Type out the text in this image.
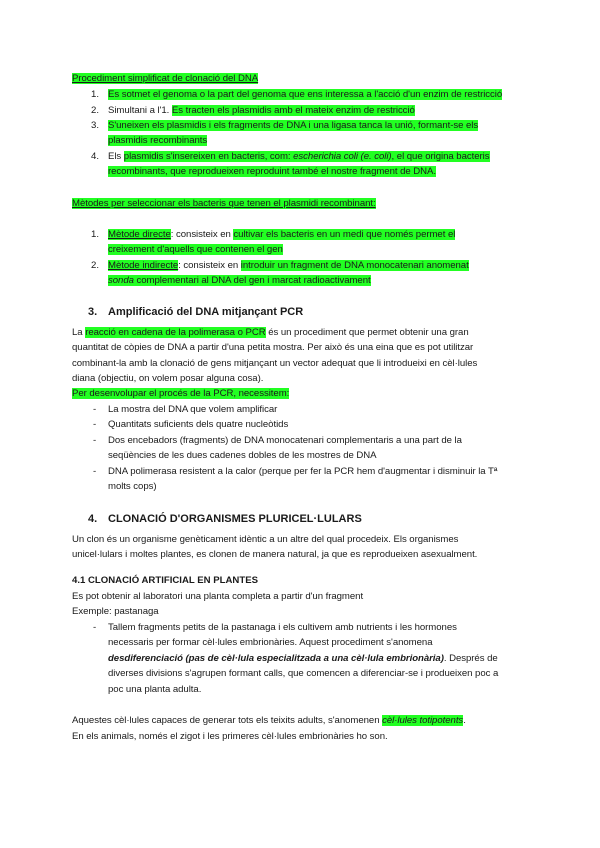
Procediment simplificat de clonació del DNA
1. Es sotmet el genoma o la part del genoma que ens interessa a l'acció d'un enzim de restricció
2. Simultani a l'1. Es tracten els plasmidis amb el mateix enzim de restricció
3. S'uneixen els plasmidis i els fragments de DNA i una ligasa tanca la unió, formant-se els
plasmidis recombinants
4. Els plasmidis s'insereixen en bacteris, com: escherichia coli (e. coli), el que origina bacteris
recombinants, que reprodueixen reproduint també el nostre fragment de DNA.
Mètodes per seleccionar els bacteris que tenen el plasmidi recombinant:
1. Mètode directe: consisteix en cultivar els bacteris en un medi que només permet el
creixement d'aquells que contenen el gen
2. Mètode indirecte: consisteix en introduir un fragment de DNA monocatenari anomenat
sonda complementari al DNA del gen i marcat radioactivament
3. Amplificació del DNA mitjançant PCR
La reacció en cadena de la polimerasa o PCR és un procediment que permet obtenir una gran
quantitat de còpies de DNA a partir d'una petita mostra. Per això és una eina que es pot utilitzar
combinant-la amb la clonació de gens mitjançant un vector adequat que li introdueixi en cèl·lules
diana (objectiu, on volem posar alguna cosa).
Per desenvolupar el procés de la PCR, necessitem:
- La mostra del DNA que volem amplificar
- Quantitats suficients dels quatre nucleòtids
- Dos encebadors (fragments) de DNA monocatenari complementaris a una part de la
seqüències de les dues cadenes dobles de les mostres de DNA
- DNA polimerasa resistent a la calor (perque per fer la PCR hem d'augmentar i disminuir la Tª
molts cops)
4. CLONACIÓ D'ORGANISMES PLURICEL·LULARS
Un clon és un organisme genèticament idèntic a un altre del qual procedeix. Els organismes
unicel·lulars i moltes plantes, es clonen de manera natural, ja que es reprodueixen asexualment.
4.1 CLONACIÓ ARTIFICIAL EN PLANTES
Es pot obtenir al laboratori una planta completa a partir d'un fragment
Exemple: pastanaga
- Tallem fragments petits de la pastanaga i els cultivem amb nutrients i les hormones
necessaris per formar cèl·lules embrionàries. Aquest procediment s'anomena
desdiferenciació (pas de cèl·lula especialitzada a una cèl·lula embrionària). Després de
diverses divisions s'agrupen formant calls, que comencen a diferenciar-se i produeixen poc a
poc una planta adulta.
Aquestes cèl·lules capaces de generar tots els teixits adults, s'anomenen cèl·lules totipotents.
En els animals, només el zigot i les primeres cèl·lules embrionàries ho son.
